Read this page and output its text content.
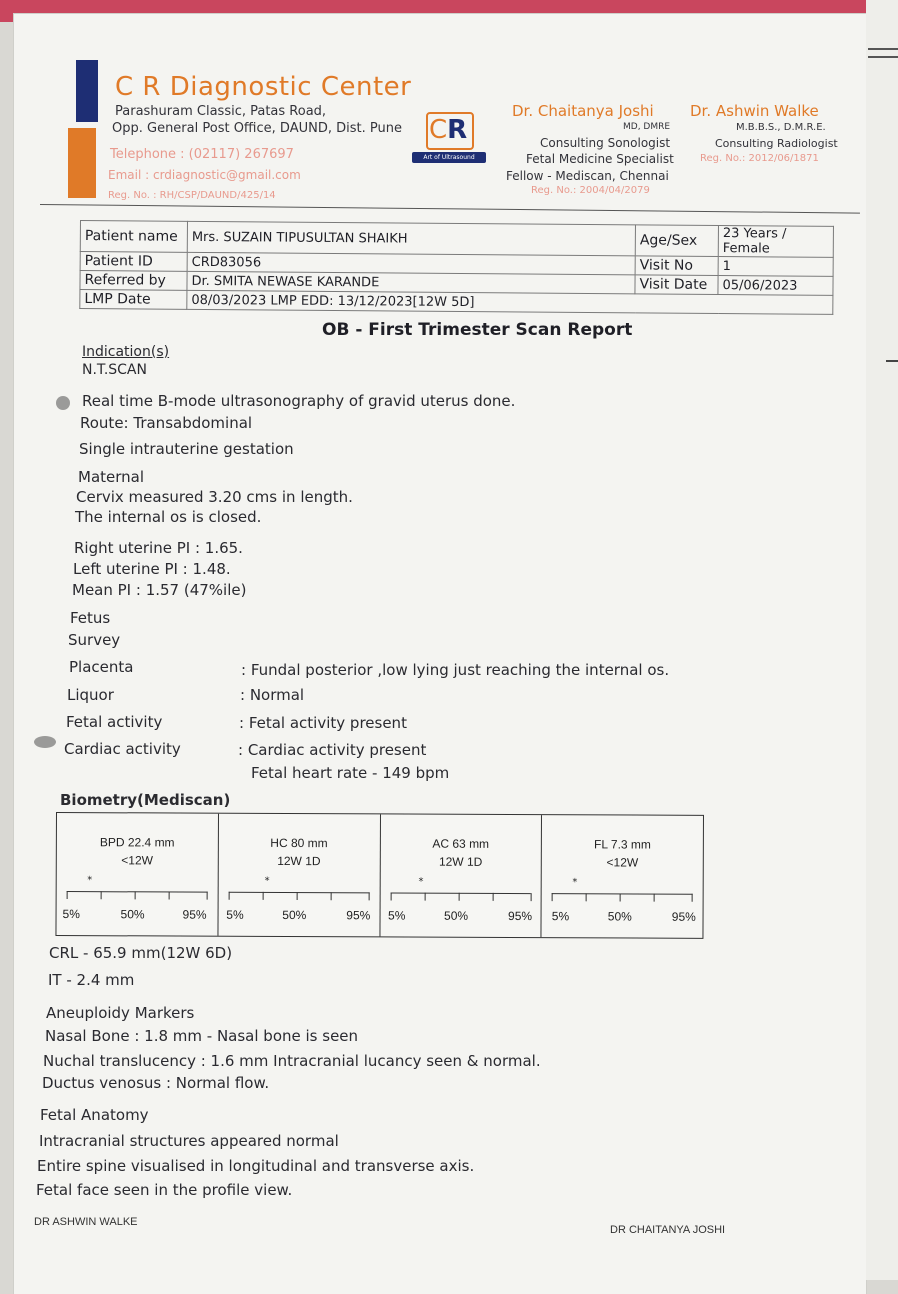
C R Diagnostic Center
Parashuram Classic, Patas Road,
Opp. General Post Office, DAUND, Dist. Pune
Telephone : (02117) 267697
Email : crdiagnostic@gmail.com
Reg. No. : RH/CSP/DAUND/425/14
CR
Art of Ultrasound
Dr. Chaitanya Joshi
MD, DMRE
Consulting Sonologist
Fetal Medicine Specialist
Fellow - Mediscan, Chennai
Reg. No.: 2004/04/2079
Dr. Ashwin Walke
M.B.B.S., D.M.R.E.
Consulting Radiologist
Reg. No.: 2012/06/1871
Patient name	Mrs. SUZAIN TIPUSULTAN SHAIKH	Age/Sex	23 Years / Female
Patient ID	CRD83056	Visit No	1
Referred by	Dr. SMITA NEWASE KARANDE	Visit Date	05/06/2023
LMP Date	08/03/2023 LMP EDD: 13/12/2023[12W 5D]		
OB - First Trimester Scan Report
Indication(s)
N.T.SCAN
Real time B-mode ultrasonography of gravid uterus done.
Route: Transabdominal
Single intrauterine gestation
Maternal
Cervix measured 3.20 cms in length.
The internal os is closed.
Right uterine PI : 1.65.
Left uterine PI : 1.48.
Mean PI : 1.57 (47%ile)
Fetus
Survey
Placenta	: Fundal posterior ,low lying just reaching the internal os.
Liquor	: Normal
Fetal activity	: Fetal activity present
Cardiac activity	: Cardiac activity present
Fetal heart rate - 149 bpm
Biometry(Mediscan)
BPD 22.4 mm
<12W
*
5%	50%	95%
HC 80 mm
12W 1D
*
5%	50%	95%
AC 63 mm
12W 1D
*
5%	50%	95%
FL 7.3 mm
<12W
*
5%	50%	95%
CRL - 65.9 mm(12W 6D)
IT - 2.4 mm
Aneuploidy Markers
Nasal Bone : 1.8 mm - Nasal bone is seen
Nuchal translucency : 1.6 mm Intracranial lucancy seen & normal.
Ductus venosus : Normal flow.
Fetal Anatomy
Intracranial structures appeared normal
Entire spine visualised in longitudinal and transverse axis.
Fetal face seen in the profile view.
DR ASHWIN WALKE
DR CHAITANYA JOSHI
